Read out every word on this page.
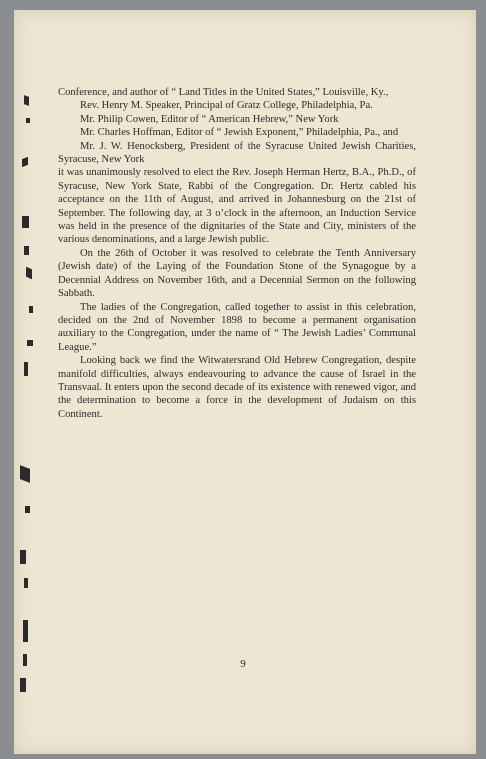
Conference, and author of “ Land Titles in the United States,” Louisville, Ky.,

Rev. Henry M. Speaker, Principal of Gratz College, Philadelphia, Pa.

Mr. Philip Cowen, Editor of “ American Hebrew,” New York

Mr. Charles Hoffman, Editor of “ Jewish Exponent,” Philadelphia, Pa., and

Mr. J. W. Henocksberg, President of the Syracuse United Jewish Charities, Syracuse, New York

it was unanimously resolved to elect the Rev. Joseph Herman Hertz, B.A., Ph.D., of Syracuse, New York State, Rabbi of the Congregation. Dr. Hertz cabled his acceptance on the 11th of August, and arrived in Johannesburg on the 21st of September. The following day, at 3 o’clock in the afternoon, an Induction Service was held in the presence of the dignitaries of the State and City, ministers of the various denominations, and a large Jewish public.

On the 26th of October it was resolved to celebrate the Tenth Anniversary (Jewish date) of the Laying of the Foundation Stone of the Synagogue by a Decennial Address on November 16th, and a Decennial Sermon on the following Sabbath.

The ladies of the Congregation, called together to assist in this celebration, decided on the 2nd of November 1898 to become a permanent organisation auxiliary to the Congregation, under the name of “ The Jewish Ladies’ Communal League.”

Looking back we find the Witwatersrand Old Hebrew Congregation, despite manifold difficulties, always endeavouring to advance the cause of Israel in the Transvaal. It enters upon the second decade of its existence with renewed vigor, and the determination to become a force in the development of Judaism on this Continent.

9
